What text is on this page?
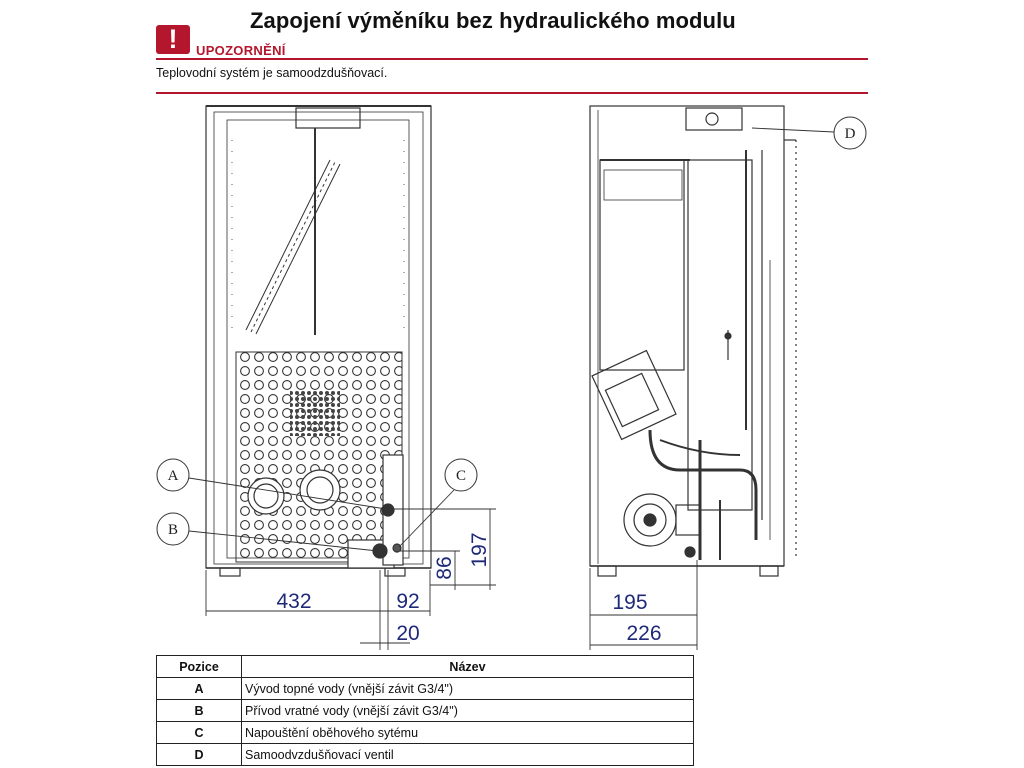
Zapojení výměníku bez hydraulického modulu
!	UPOZORNĚNÍ
Teplovodní systém je samoodzdušňovací.
A
B
C
432	92
20
86
197
D
195
226
Pozice	Název
A	Vývod topné vody (vnější závit G3/4")
B	Přívod vratné vody (vnější závit G3/4")
C	Napouštění oběhového sytému
D	Samoodvzdušňovací ventil
